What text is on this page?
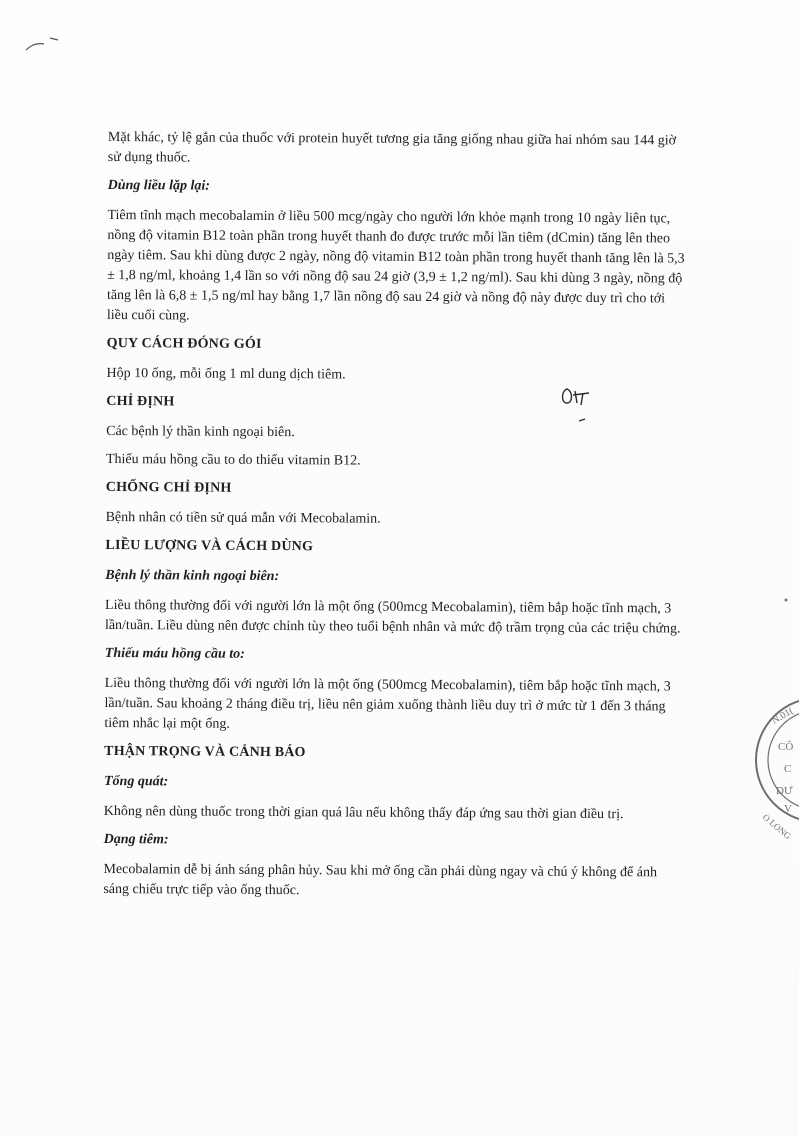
Mặt khác, tỷ lệ gắn của thuốc với protein huyết tương gia tăng giống nhau giữa hai nhóm sau 144 giờ sử dụng thuốc.

Dùng liều lặp lại:

Tiêm tĩnh mạch mecobalamin ở liều 500 mcg/ngày cho người lớn khỏe mạnh trong 10 ngày liên tục, nồng độ vitamin B12 toàn phần trong huyết thanh đo được trước mỗi lần tiêm (dCmin) tăng lên theo ngày tiêm. Sau khi dùng được 2 ngày, nồng độ vitamin B12 toàn phần trong huyết thanh tăng lên là 5,3 ± 1,8 ng/ml, khoảng 1,4 lần so với nồng độ sau 24 giờ (3,9 ± 1,2 ng/ml). Sau khi dùng 3 ngày, nồng độ tăng lên là 6,8 ± 1,5 ng/ml hay bằng 1,7 lần nồng độ sau 24 giờ và nồng độ này được duy trì cho tới liều cuối cùng.

QUY CÁCH ĐÓNG GÓI

Hộp 10 ống, mỗi ống 1 ml dung dịch tiêm.

CHỈ ĐỊNH

Các bệnh lý thần kinh ngoại biên.

Thiếu máu hồng cầu to do thiếu vitamin B12.

CHỐNG CHỈ ĐỊNH

Bệnh nhân có tiền sử quá mẫn với Mecobalamin.

LIỀU LƯỢNG VÀ CÁCH DÙNG

Bệnh lý thần kinh ngoại biên:

Liều thông thường đối với người lớn là một ống (500mcg Mecobalamin), tiêm bắp hoặc tĩnh mạch, 3 lần/tuần. Liều dùng nên được chỉnh tùy theo tuổi bệnh nhân và mức độ trầm trọng của các triệu chứng.

Thiếu máu hồng cầu to:

Liều thông thường đối với người lớn là một ống (500mcg Mecobalamin), tiêm bắp hoặc tĩnh mạch, 3 lần/tuần. Sau khoảng 2 tháng điều trị, liều nên giảm xuống thành liều duy trì ở mức từ 1 đến 3 tháng tiêm nhắc lại một ống.

THẬN TRỌNG VÀ CẢNH BÁO

Tổng quát:

Không nên dùng thuốc trong thời gian quá lâu nếu không thấy đáp ứng sau thời gian điều trị.

Dạng tiêm:

Mecobalamin dễ bị ánh sáng phân hủy. Sau khi mở ống cần phải dùng ngay và chú ý không để ánh sáng chiếu trực tiếp vào ống thuốc.

N.01(
CÔ
C
DƯ
V
O LONG
